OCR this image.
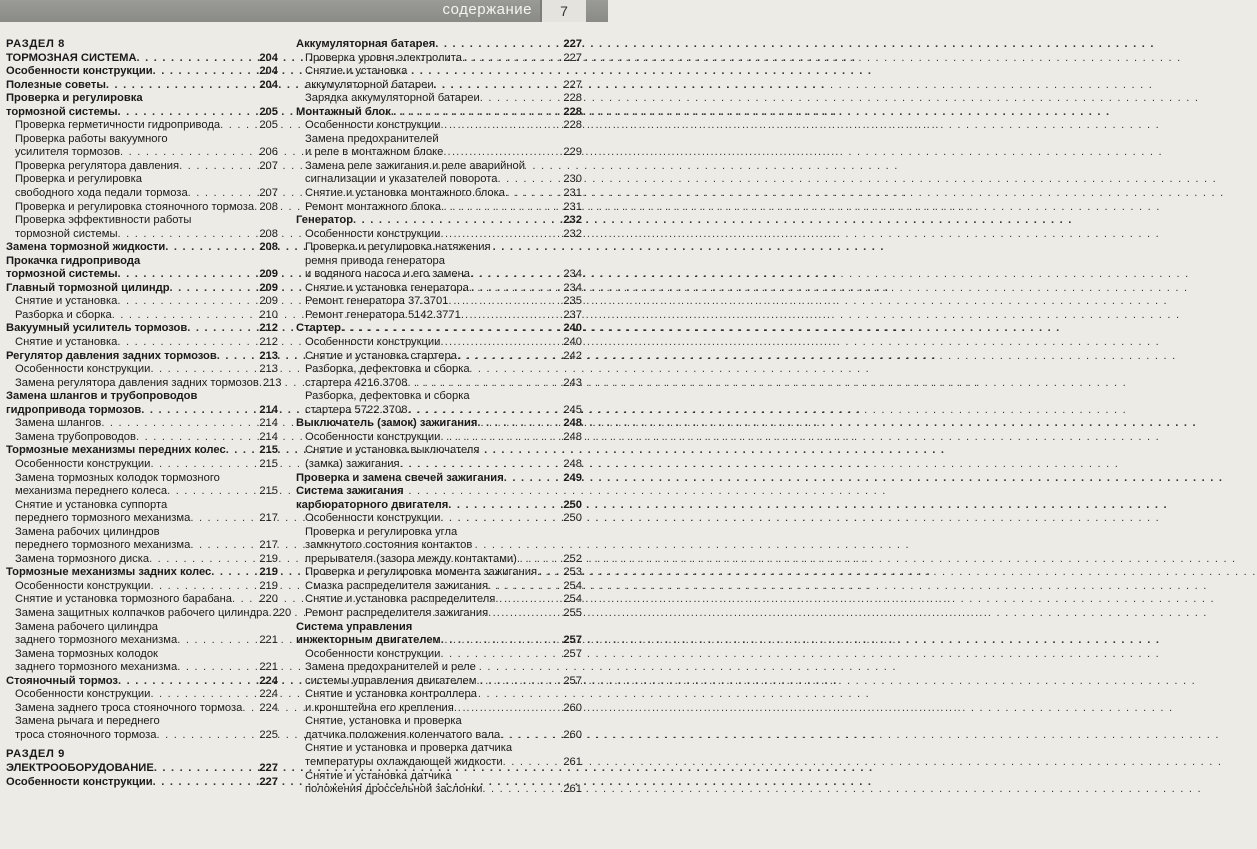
содержание	7
РАЗДЕЛ 8
ТОРМОЗНАЯ СИСТЕМА . . .	204
Особенности конструкции . . .	204
Полезные советы . . .	204
Проверка и регулировка
тормозной системы . . .	205
Проверка герметичности гидропривода . . .	205
Проверка работы вакуумного
усилителя тормозов . . .	206
Проверка регулятора давления . . .	207
Проверка и регулировка
свободного хода педали тормоза . . .	207
Проверка и регулировка стояночного тормоза . . . 208
Проверка эффективности работы
тормозной системы . . .	208
Замена тормозной жидкости . . .	208
Прокачка гидропривода
тормозной системы . . .	209
Главный тормозной цилиндр . . .	209
Снятие и установка . . .	209
Разборка и сборка . . .	210
Вакуумный усилитель тормозов . . .	212
Снятие и установка . . .	212
Регулятор давления задних тормозов . . .	213
Особенности конструкции . . .	213
Замена регулятора давления задних тормозов . . . 213
Замена шлангов и трубопроводов
гидропривода тормозов . . .	214
Замена шлангов . . .	214
Замена трубопроводов . . .	214
Тормозные механизмы передних колес . . .	215
Особенности конструкции . . .	215
Замена тормозных колодок тормозного
механизма переднего колеса . . .	215
Снятие и установка суппорта
переднего тормозного механизма . . .	217
Замена рабочих цилиндров
переднего тормозного механизма . . .	217
Замена тормозного диска . . .	219
Тормозные механизмы задних колес . . .	219
Особенности конструкции . . .	219
Снятие и установка тормозного барабана . . . 220
Замена защитных колпачков рабочего цилиндра . . . 220
Замена рабочего цилиндра
заднего тормозного механизма . . .	221
Замена тормозных колодок
заднего тормозного механизма . . .	221
Стояночный тормоз . . .	224
Особенности конструкции . . .	224
Замена заднего троса стояночного тормоза . . . 224
Замена рычага и переднего
троса стояночного тормоза . . .	225
РАЗДЕЛ 9
ЭЛЕКТРООБОРУДОВАНИЕ . . .	227
Особенности конструкции . . .	227
Аккумуляторная батарея . . .	227
Проверка уровня электролита . . .	227
Снятие и установка
аккумуляторной батареи . . .	227
Зарядка аккумуляторной батареи . . .	228
Монтажный блок . . .	228
Особенности конструкции . . .	228
Замена предохранителей
и реле в монтажном блоке . . .	229
Замена реле зажигания и реле аварийной
сигнализации и указателей поворота . . .	230
Снятие и установка монтажного блока . . .	231
Ремонт монтажного блока . . .	231
Генератор . . .	232
Особенности конструкции . . .	232
Проверка и регулировка натяжения
ремня привода генератора
и водяного насоса и его замена . . .	234
Снятие и установка генератора . . .	234
Ремонт генератора 37.3701 . . .	235
Ремонт генератора 5142.3771 . . .	237
Стартер . . .	240
Особенности конструкции . . .	240
Снятие и установка стартера . . .	242
Разборка, дефектовка и сборка
стартера 4216.3708 . . .	243
Разборка, дефектовка и сборка
стартера 5722.3708 . . .	245
Выключатель (замок) зажигания . . .	248
Особенности конструкции . . .	248
Снятие и установка выключателя
(замка) зажигания . . .	248
Проверка и замена свечей зажигания . . .	249
Система зажигания
карбюраторного двигателя . . .	250
Особенности конструкции . . .	250
Проверка и регулировка угла
замкнутого состояния контактов
прерывателя (зазора между контактами) . . .	252
Проверка и регулировка момента зажигания . . . 253
Смазка распределителя зажигания . . .	254
Снятие и установка распределителя . . .	254
Ремонт распределителя зажигания . . .	255
Система управления
инжекторным двигателем . . .	257
Особенности конструкции . . .	257
Замена предохранителей и реле
системы управления двигателем . . .	257
Снятие и установка контроллера
и кронштейна его крепления . . .	260
Снятие, установка и проверка
датчика положения коленчатого вала . . .	260
Снятие и установка и проверка датчика
температуры охлаждающей жидкости . . .	261
Снятие и установка датчика
положения дроссельной заслонки . . .	261
